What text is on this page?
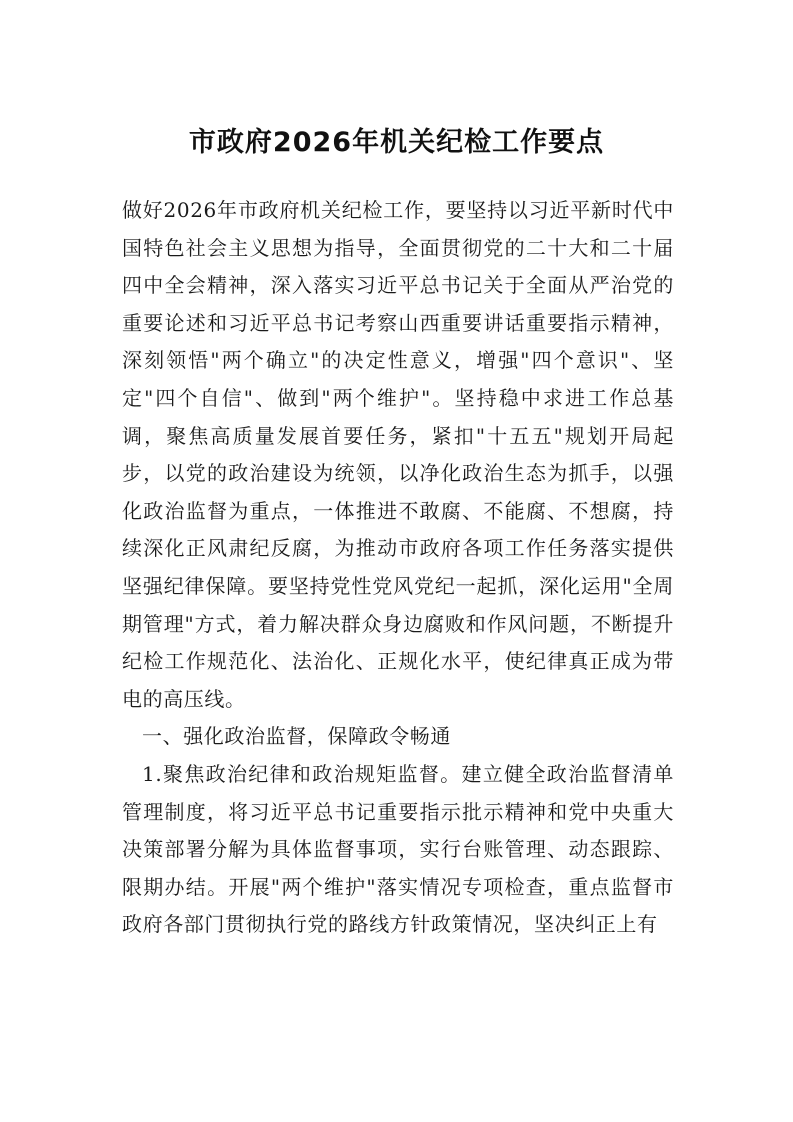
市政府2026年机关纪检工作要点

做好2026年市政府机关纪检工作，要坚持以习近平新时代中国特色社会主义思想为指导，全面贯彻党的二十大和二十届四中全会精神，深入落实习近平总书记关于全面从严治党的重要论述和习近平总书记考察山西重要讲话重要指示精神，深刻领悟"两个确立"的决定性意义，增强"四个意识"、坚定"四个自信"、做到"两个维护"。坚持稳中求进工作总基调，聚焦高质量发展首要任务，紧扣"十五五"规划开局起步，以党的政治建设为统领，以净化政治生态为抓手，以强化政治监督为重点，一体推进不敢腐、不能腐、不想腐，持续深化正风肃纪反腐，为推动市政府各项工作任务落实提供坚强纪律保障。要坚持党性党风党纪一起抓，深化运用"全周期管理"方式，着力解决群众身边腐败和作风问题，不断提升纪检工作规范化、法治化、正规化水平，使纪律真正成为带电的高压线。

一、强化政治监督，保障政令畅通

1.聚焦政治纪律和政治规矩监督。建立健全政治监督清单管理制度，将习近平总书记重要指示批示精神和党中央重大决策部署分解为具体监督事项，实行台账管理、动态跟踪、限期办结。开展"两个维护"落实情况专项检查，重点监督市政府各部门贯彻执行党的路线方针政策情况，坚决纠正上有
